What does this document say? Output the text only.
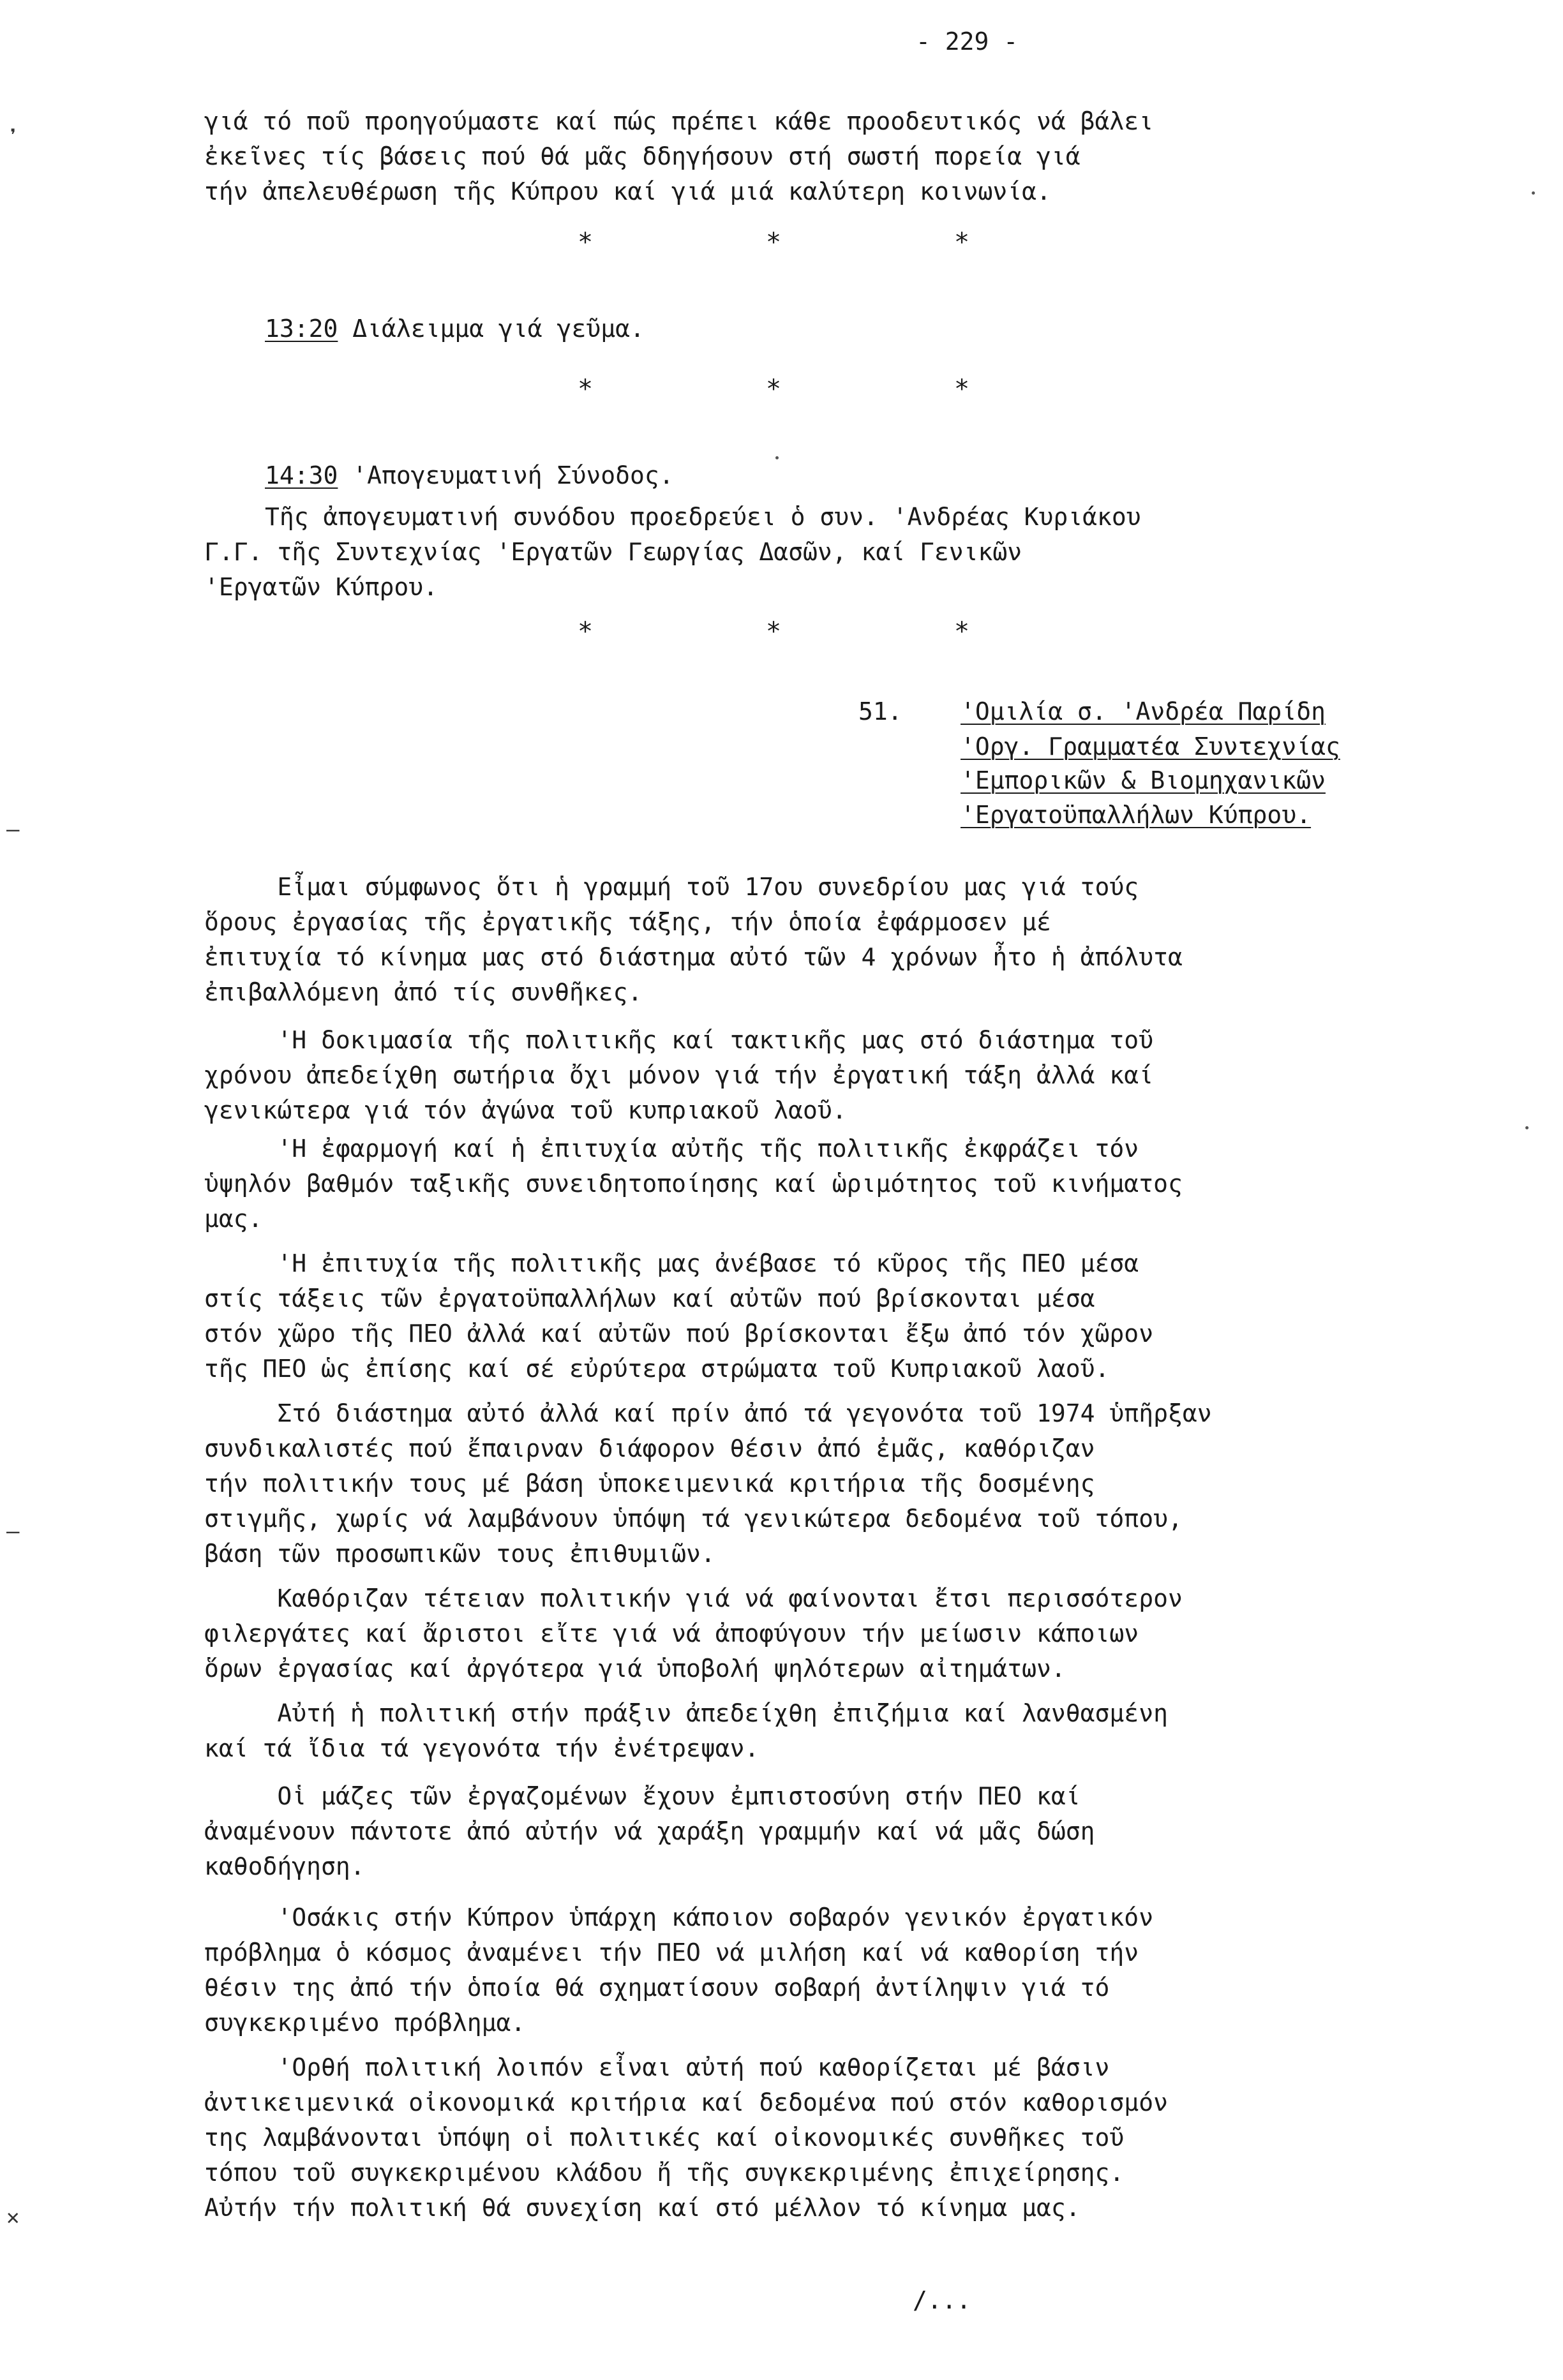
- 229 -
❜
—
—
✕
γιά τό ποῦ προηγούμαστε καί πώς πρέπει κάθε προοδευτικός νά βάλει
ἐκεῖνες τίς βάσεις πού θά μᾶς δδηγήσουν στή σωστή πορεία γιά
τήν ἀπελευθέρωση τῆς Κύπρου καί γιά μιά καλύτερη κοινωνία.
*	*	*
13:20 Διάλειμμα γιά γεῦμα.
*	*	*
14:30 'Απογευματινή Σύνοδος.
Τῆς ἀπογευματινή συνόδου προεδρεύει ὁ συν. 'Ανδρέας Κυριάκου
Γ.Γ. τῆς Συντεχνίας 'Εργατῶν Γεωργίας Δασῶν, καί Γενικῶν
'Εργατῶν Κύπρου.
*	*	*
51. 'Ομιλία σ. 'Ανδρέα Παρίδη
'Οργ. Γραμματέα Συντεχνίας
'Εμπορικῶν & Βιομηχανικῶν
'Εργατοϋπαλλήλων Κύπρου.
Εἶμαι σύμφωνος ὅτι ἡ γραμμή τοῦ 17ου συνεδρίου μας γιά τούς
ὅρους ἐργασίας τῆς ἐργατικῆς τάξης, τήν ὁποία ἐφάρμοσεν μέ
ἐπιτυχία τό κίνημα μας στό διάστημα αὐτό τῶν 4 χρόνων ἦτο ἡ ἀπόλυτα
ἐπιβαλλόμενη ἀπό τίς συνθῆκες.
'Η δοκιμασία τῆς πολιτικῆς καί τακτικῆς μας στό διάστημα τοῦ
χρόνου ἀπεδείχθη σωτήρια ὄχι μόνον γιά τήν ἐργατική τάξη ἀλλά καί
γενικώτερα γιά τόν ἀγώνα τοῦ κυπριακοῦ λαοῦ.
'Η ἐφαρμογή καί ἡ ἐπιτυχία αὐτῆς τῆς πολιτικῆς ἐκφράζει τόν
ὑψηλόν βαθμόν ταξικῆς συνειδητοποίησης καί ὡριμότητος τοῦ κινήματος
μας.
'Η ἐπιτυχία τῆς πολιτικῆς μας ἀνέβασε τό κῦρος τῆς ΠΕΟ μέσα
στίς τάξεις τῶν ἐργατοϋπαλλήλων καί αὐτῶν πού βρίσκονται μέσα
στόν χῶρο τῆς ΠΕΟ ἀλλά καί αὐτῶν πού βρίσκονται ἔξω ἀπό τόν χῶρον
τῆς ΠΕΟ ὡς ἐπίσης καί σέ εὐρύτερα στρώματα τοῦ Κυπριακοῦ λαοῦ.
Στό διάστημα αὐτό ἀλλά καί πρίν ἀπό τά γεγονότα τοῦ 1974 ὑπῆρξαν
συνδικαλιστές πού ἔπαιρναν διάφορον θέσιν ἀπό ἐμᾶς, καθόριζαν
τήν πολιτικήν τους μέ βάση ὑποκειμενικά κριτήρια τῆς δοσμένης
στιγμῆς, χωρίς νά λαμβάνουν ὑπόψη τά γενικώτερα δεδομένα τοῦ τόπου,
βάση τῶν προσωπικῶν τους ἐπιθυμιῶν.
Καθόριζαν τέτειαν πολιτικήν γιά νά φαίνονται ἔτσι περισσότερον
φιλεργάτες καί ἄριστοι εἴτε γιά νά ἀποφύγουν τήν μείωσιν κάποιων
ὅρων ἐργασίας καί ἀργότερα γιά ὑποβολή ψηλότερων αἰτημάτων.
Αὐτή ἡ πολιτική στήν πράξιν ἀπεδείχθη ἐπιζήμια καί λανθασμένη
καί τά ἴδια τά γεγονότα τήν ἐνέτρεψαν.
Οἱ μάζες τῶν ἐργαζομένων ἔχουν ἐμπιστοσύνη στήν ΠΕΟ καί
ἀναμένουν πάντοτε ἀπό αὐτήν νά χαράξη γραμμήν καί νά μᾶς δώση
καθοδήγηση.
'Οσάκις στήν Κύπρον ὑπάρχη κάποιον σοβαρόν γενικόν ἐργατικόν
πρόβλημα ὁ κόσμος ἀναμένει τήν ΠΕΟ νά μιλήση καί νά καθορίση τήν
θέσιν της ἀπό τήν ὁποία θά σχηματίσουν σοβαρή ἀντίληψιν γιά τό
συγκεκριμένο πρόβλημα.
'Ορθή πολιτική λοιπόν εἶναι αὐτή πού καθορίζεται μέ βάσιν
ἀντικειμενικά οἰκονομικά κριτήρια καί δεδομένα πού στόν καθορισμόν
της λαμβάνονται ὑπόψη οἱ πολιτικές καί οἰκονομικές συνθῆκες τοῦ
τόπου τοῦ συγκεκριμένου κλάδου ἤ τῆς συγκεκριμένης ἐπιχείρησης.
Αὐτήν τήν πολιτική θά συνεχίση καί στό μέλλον τό κίνημα μας.
/...
